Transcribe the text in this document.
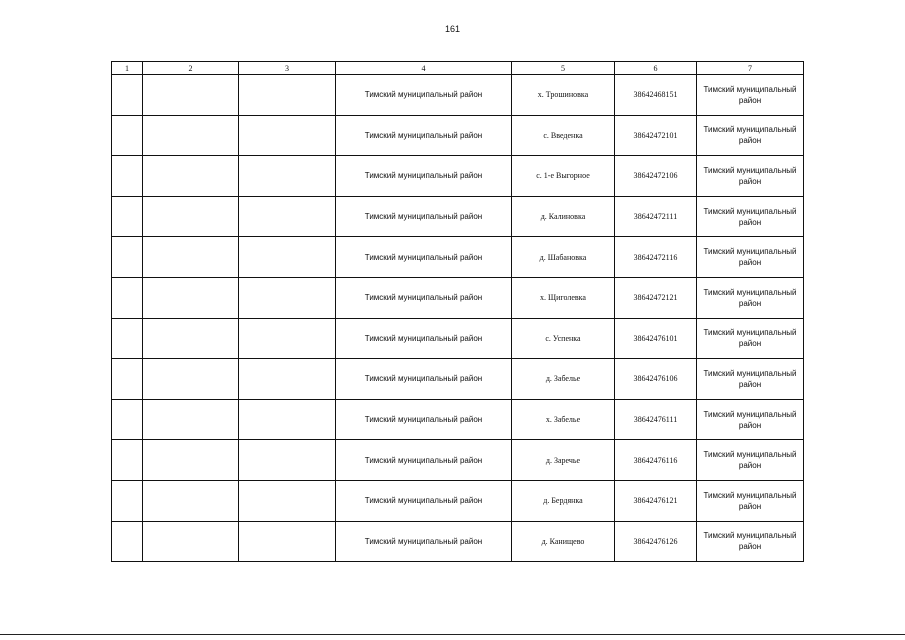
161
1	2	3	4	5	6	7
			Тимский муниципальный район	х. Трошиновка	38642468151	Тимский муниципальный район
			Тимский муниципальный район	с. Введенка	38642472101	Тимский муниципальный район
			Тимский муниципальный район	с. 1-е Выгорное	38642472106	Тимский муниципальный район
			Тимский муниципальный район	д. Калиновка	38642472111	Тимский муниципальный район
			Тимский муниципальный район	д. Шабановка	38642472116	Тимский муниципальный район
			Тимский муниципальный район	х. Щиголевка	38642472121	Тимский муниципальный район
			Тимский муниципальный район	с. Успенка	38642476101	Тимский муниципальный район
			Тимский муниципальный район	д. Забелье	38642476106	Тимский муниципальный район
			Тимский муниципальный район	х. Забелье	38642476111	Тимский муниципальный район
			Тимский муниципальный район	д. Заречье	38642476116	Тимский муниципальный район
			Тимский муниципальный район	д. Бердянка	38642476121	Тимский муниципальный район
			Тимский муниципальный район	д. Канищево	38642476126	Тимский муниципальный район
